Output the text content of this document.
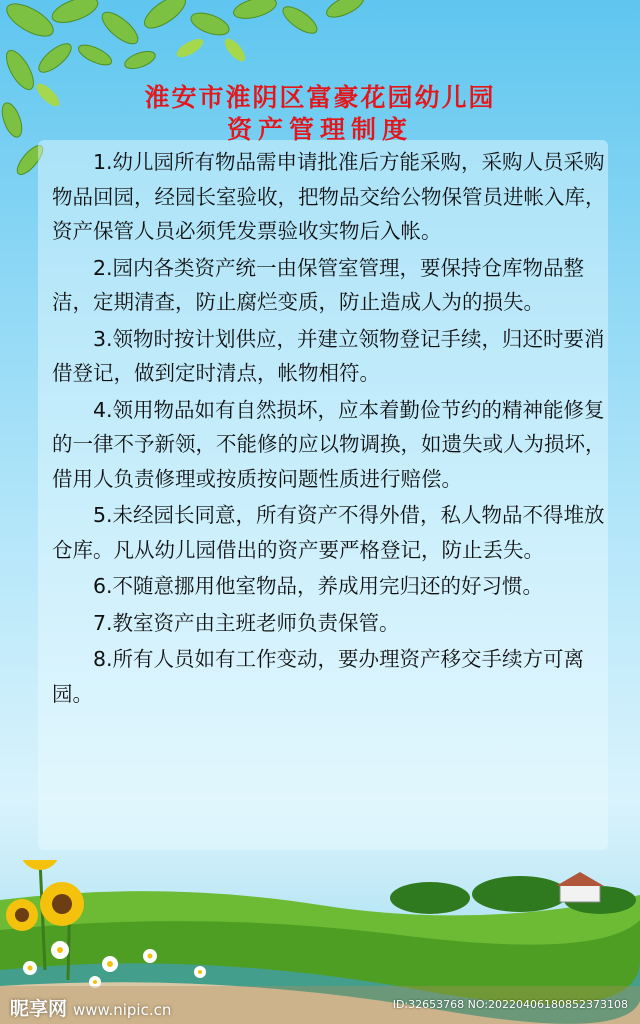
淮安市淮阴区富豪花园幼儿园
资产管理制度

1.幼儿园所有物品需申请批准后方能采购，采购人员采购物品回园，经园长室验收，把物品交给公物保管员进帐入库，资产保管人员必须凭发票验收实物后入帐。

2.园内各类资产统一由保管室管理，要保持仓库物品整洁，定期清查，防止腐烂变质，防止造成人为的损失。

3.领物时按计划供应，并建立领物登记手续，归还时要消借登记，做到定时清点，帐物相符。

4.领用物品如有自然损坏，应本着勤俭节约的精神能修复的一律不予新领，不能修的应以物调换，如遗失或人为损坏，借用人负责修理或按质按问题性质进行赔偿。

5.未经园长同意，所有资产不得外借，私人物品不得堆放仓库。凡从幼儿园借出的资产要严格登记，防止丢失。

6.不随意挪用他室物品，养成用完归还的好习惯。

7.教室资产由主班老师负责保管。

8.所有人员如有工作变动，要办理资产移交手续方可离园。

昵享网 www.nipic.cn	ID:32653768 NO:20220406180852373108
